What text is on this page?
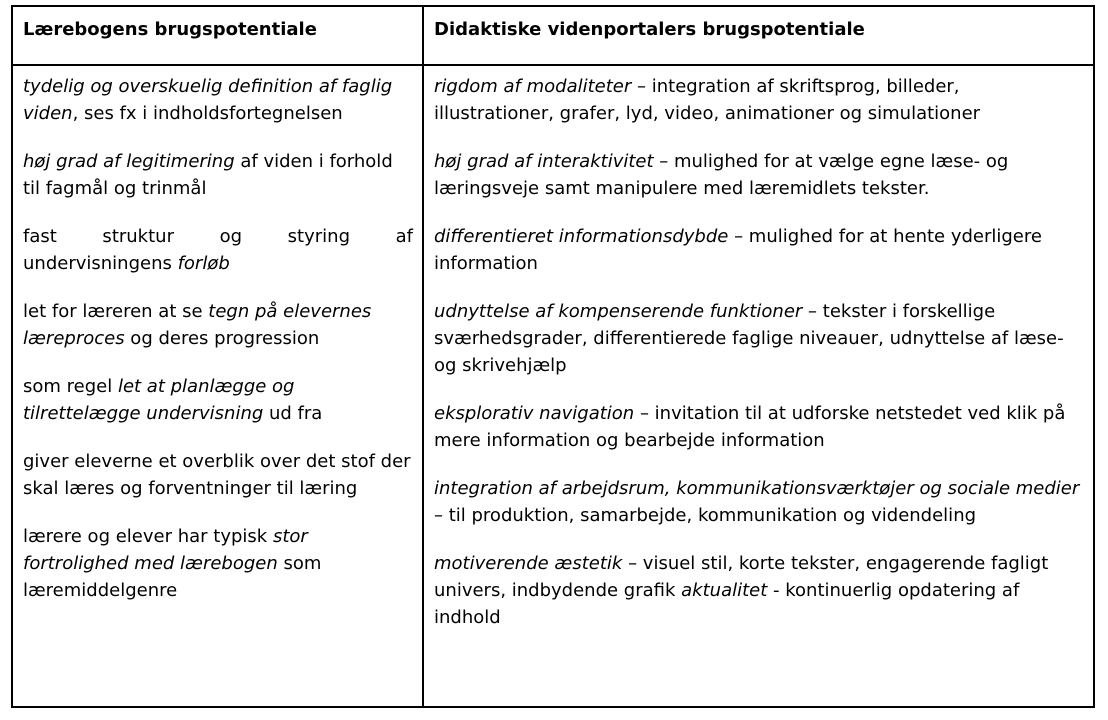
Lærebogens brugspotentiale	Didaktiske videnportalers brugspotentiale

tydelig og overskuelig definition af faglig viden, ses fx i indholdsfortegnelsen

høj grad af legitimering af viden i forhold til fagmål og trinmål

fast struktur og styring af
undervisningens forløb

let for læreren at se tegn på elevernes læreproces og deres progression

som regel let at planlægge og tilrettelægge undervisning ud fra

giver eleverne et overblik over det stof der skal læres og forventninger til læring

lærere og elever har typisk stor fortrolighed med lærebogen som læremiddelgenre

rigdom af modaliteter – integration af skriftsprog, billeder, illustrationer, grafer, lyd, video, animationer og simulationer

høj grad af interaktivitet – mulighed for at vælge egne læse- og læringsveje samt manipulere med læremidlets tekster.

differentieret informationsdybde – mulighed for at hente yderligere information

udnyttelse af kompenserende funktioner – tekster i forskellige sværhedsgrader, differentierede faglige niveauer, udnyttelse af læse- og skrivehjælp

eksplorativ navigation – invitation til at udforske netstedet ved klik på mere information og bearbejde information

integration af arbejdsrum, kommunikationsværktøjer og sociale medier – til produktion, samarbejde, kommunikation og videndeling

motiverende æstetik – visuel stil, korte tekster, engagerende fagligt univers, indbydende grafik aktualitet - kontinuerlig opdatering af indhold
